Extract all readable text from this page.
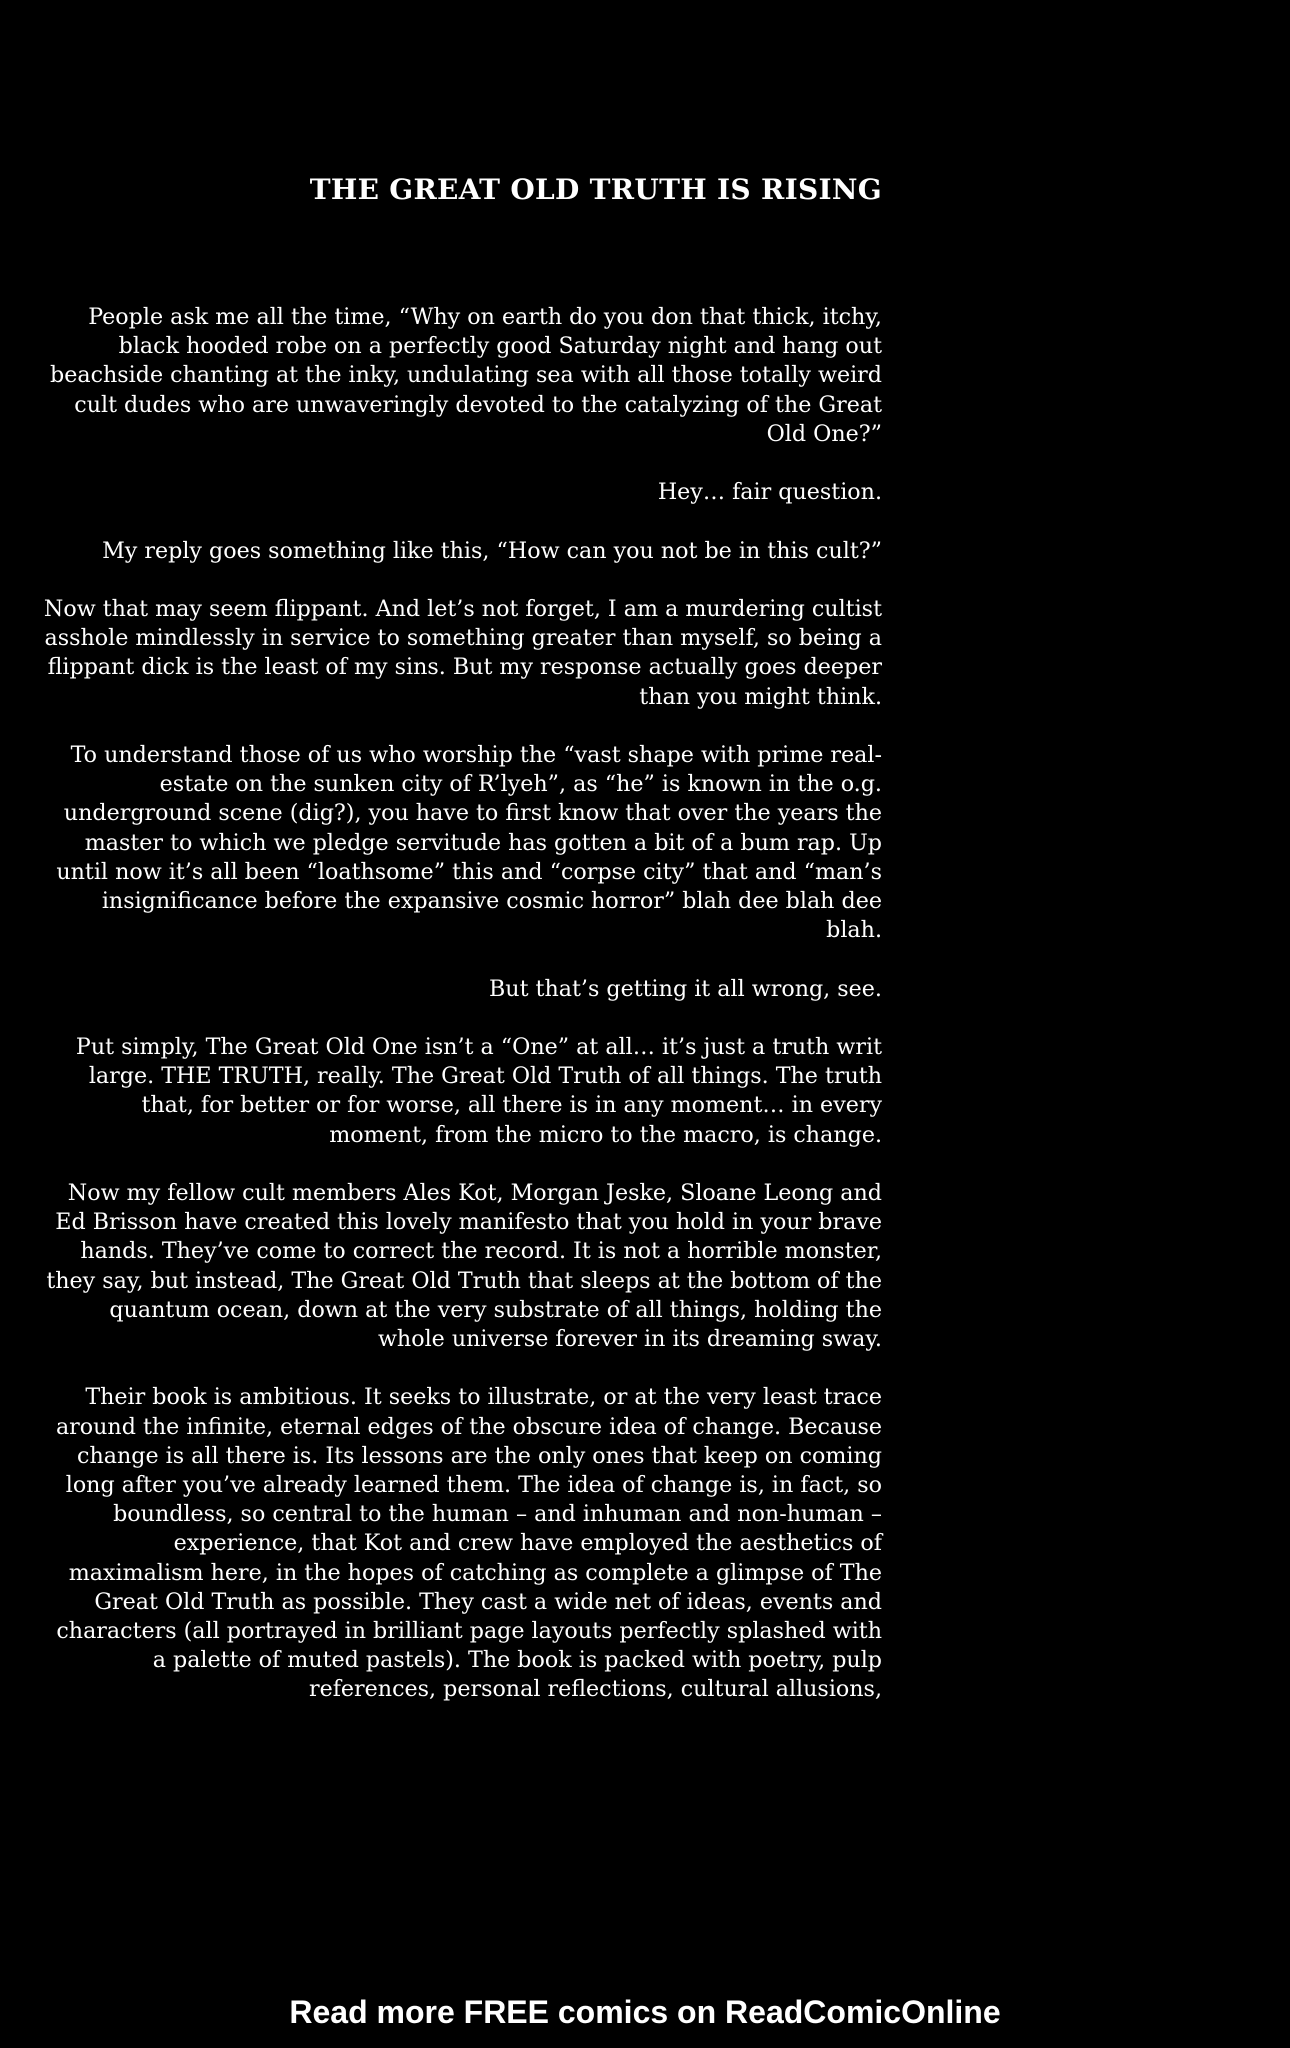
THE GREAT OLD TRUTH IS RISING

People ask me all the time, “Why on earth do you don that thick, itchy, black hooded robe on a perfectly good Saturday night and hang out beachside chanting at the inky, undulating sea with all those totally weird cult dudes who are unwaveringly devoted to the catalyzing of the Great Old One?”

Hey… fair question.

My reply goes something like this, “How can you not be in this cult?”

Now that may seem flippant. And let’s not forget, I am a murdering cultist asshole mindlessly in service to something greater than myself, so being a flippant dick is the least of my sins. But my response actually goes deeper than you might think.

To understand those of us who worship the “vast shape with prime real-estate on the sunken city of R’lyeh”, as “he” is known in the o.g. underground scene (dig?), you have to first know that over the years the master to which we pledge servitude has gotten a bit of a bum rap. Up until now it’s all been “loathsome” this and “corpse city” that and “man’s insignificance before the expansive cosmic horror” blah dee blah dee blah.

But that’s getting it all wrong, see.

Put simply, The Great Old One isn’t a “One” at all… it’s just a truth writ large. THE TRUTH, really. The Great Old Truth of all things. The truth that, for better or for worse, all there is in any moment… in every moment, from the micro to the macro, is change.

Now my fellow cult members Ales Kot, Morgan Jeske, Sloane Leong and Ed Brisson have created this lovely manifesto that you hold in your brave hands. They’ve come to correct the record. It is not a horrible monster, they say, but instead, The Great Old Truth that sleeps at the bottom of the quantum ocean, down at the very substrate of all things, holding the whole universe forever in its dreaming sway.

Their book is ambitious. It seeks to illustrate, or at the very least trace around the infinite, eternal edges of the obscure idea of change. Because change is all there is. Its lessons are the only ones that keep on coming long after you’ve already learned them. The idea of change is, in fact, so boundless, so central to the human – and inhuman and non-human – experience, that Kot and crew have employed the aesthetics of maximalism here, in the hopes of catching as complete a glimpse of The Great Old Truth as possible. They cast a wide net of ideas, events and characters (all portrayed in brilliant page layouts perfectly splashed with a palette of muted pastels). The book is packed with poetry, pulp references, personal reflections, cultural allusions,

Read more FREE comics on ReadComicOnline
